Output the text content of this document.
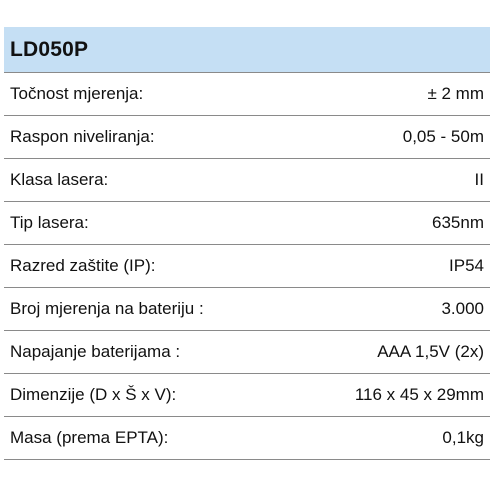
LD050P
Točnost mjerenja:	± 2 mm
Raspon niveliranja:	0,05 - 50m
Klasa lasera:	II
Tip lasera:	635nm
Razred zaštite (IP):	IP54
Broj mjerenja na bateriju :	3.000
Napajanje baterijama :	AAA 1,5V (2x)
Dimenzije (D x Š x V):	116 x 45 x 29mm
Masa (prema EPTA):	0,1kg
